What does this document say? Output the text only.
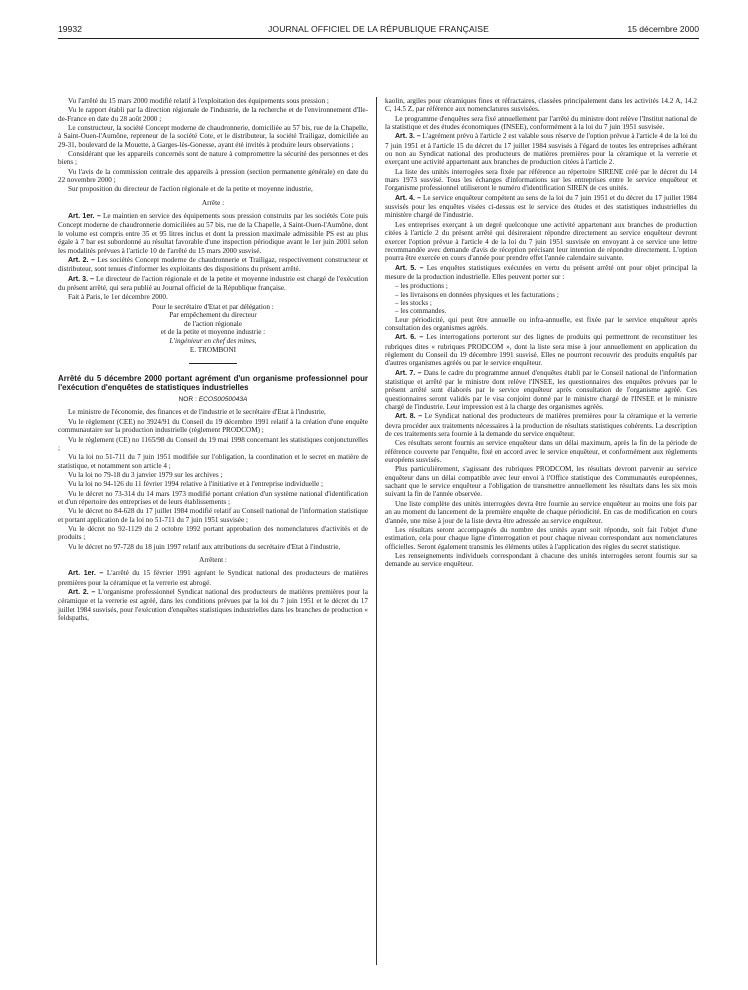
19932	JOURNAL OFFICIEL DE LA RÉPUBLIQUE FRANÇAISE	15 décembre 2000

Vu l'arrêté du 15 mars 2000 modifié relatif à l'exploitation des équipements sous pression ;

Vu le rapport établi par la direction régionale de l'industrie, de la recherche et de l'environnement d'Ile-de-France en date du 28 août 2000 ;

Le constructeur, la société Concept moderne de chaudronnerie, domiciliée au 57 bis, rue de la Chapelle, à Saint-Ouen-l'Aumône, repreneur de la société Cote, et le distributeur, la société Trailigaz, domiciliée au 29-31, boulevard de la Mouette, à Garges-lès-Gonesse, ayant été invités à produire leurs observations ;

Considérant que les appareils concernés sont de nature à compromettre la sécurité des personnes et des biens ;

Vu l'avis de la commission centrale des appareils à pression (section permanente générale) en date du 22 novembre 2000 ;

Sur proposition du directeur de l'action régionale et de la petite et moyenne industrie,

Arrête :

Art. 1er. – Le maintien en service des équipements sous pression construits par les sociétés Cote puis Concept moderne de chaudronnerie domiciliées au 57 bis, rue de la Chapelle, à Saint-Ouen-l'Aumône, dont le volume est compris entre 35 et 95 litres inclus et dont la pression maximale admissible PS est au plus égale à 7 bar est subordonné au résultat favorable d'une inspection périodique avant le 1er juin 2001 selon les modalités prévues à l'article 10 de l'arrêté du 15 mars 2000 susvisé.

Art. 2. – Les sociétés Concept moderne de chaudronnerie et Trailigaz, respectivement constructeur et distributeur, sont tenues d'informer les exploitants des dispositions du présent arrêté.

Art. 3. – Le directeur de l'action régionale et de la petite et moyenne industrie est chargé de l'exécution du présent arrêté, qui sera publié au Journal officiel de la République française.

Fait à Paris, le 1er décembre 2000.

Pour le secrétaire d'Etat et par délégation :
Par empêchement du directeur
de l'action régionale
et de la petite et moyenne industrie :
L'ingénieur en chef des mines,
E. TROMBONI

Arrêté du 5 décembre 2000 portant agrément d'un organisme professionnel pour l'exécution d'enquêtes de statistiques industrielles

NOR : ECOS0050043A

Le ministre de l'économie, des finances et de l'industrie et le secrétaire d'Etat à l'industrie,

Vu le règlement (CEE) no 3924/91 du Conseil du 19 décembre 1991 relatif à la création d'une enquête communautaire sur la production industrielle (règlement PRODCOM) ;

Vu le règlement (CE) no 1165/98 du Conseil du 19 mai 1998 concernant les statistiques conjoncturelles ;

Vu la loi no 51-711 du 7 juin 1951 modifiée sur l'obligation, la coordination et le secret en matière de statistique, et notamment son article 4 ;

Vu la loi no 79-18 du 3 janvier 1979 sur les archives ;

Vu la loi no 94-126 du 11 février 1994 relative à l'initiative et à l'entreprise individuelle ;

Vu le décret no 73-314 du 14 mars 1973 modifié portant création d'un système national d'identification et d'un répertoire des entreprises et de leurs établissements ;

Vu le décret no 84-628 du 17 juillet 1984 modifié relatif au Conseil national de l'information statistique et portant application de la loi no 51-711 du 7 juin 1951 susvisée ;

Vu le décret no 92-1129 du 2 octobre 1992 portant approbation des nomenclatures d'activités et de produits ;

Vu le décret no 97-728 du 18 juin 1997 relatif aux attributions du secrétaire d'Etat à l'industrie,

Arrêtent :

Art. 1er. – L'arrêté du 15 février 1991 agréant le Syndicat national des producteurs de matières premières pour la céramique et la verrerie est abrogé.

Art. 2. – L'organisme professionnel Syndicat national des producteurs de matières premières pour la céramique et la verrerie est agréé, dans les conditions prévues par la loi du 7 juin 1951 et le décret du 17 juillet 1984 susvisés, pour l'exécution d'enquêtes statistiques industrielles dans les branches de production « feldspaths,

kaolin, argiles pour céramiques fines et réfractaires, classées principalement dans les activités 14.2 A, 14.2 C, 14.5 Z, par référence aux nomenclatures susvisées.

Le programme d'enquêtes sera fixé annuellement par l'arrêté du ministre dont relève l'Institut national de la statistique et des études économiques (INSEE), conformément à la loi du 7 juin 1951 susvisée.

Art. 3. – L'agrément prévu à l'article 2 est valable sous réserve de l'option prévue à l'article 4 de la loi du 7 juin 1951 et à l'article 15 du décret du 17 juillet 1984 susvisés à l'égard de toutes les entreprises adhérant ou non au Syndicat national des producteurs de matières premières pour la céramique et la verrerie et exerçant une activité appartenant aux branches de production citées à l'article 2.

La liste des unités interrogées sera fixée par référence au répertoire SIRENE créé par le décret du 14 mars 1973 susvisé. Tous les échanges d'informations sur les entreprises entre le service enquêteur et l'organisme professionnel utiliseront le numéro d'identification SIREN de ces unités.

Art. 4. – Le service enquêteur compétent au sens de la loi du 7 juin 1951 et du décret du 17 juillet 1984 susvisés pour les enquêtes visées ci-dessus est le service des études et des statistiques industrielles du ministère chargé de l'industrie.

Les entreprises exerçant à un degré quelconque une activité appartenant aux branches de production citées à l'article 2 du présent arrêté qui désireraient répondre directement au service enquêteur devront exercer l'option prévue à l'article 4 de la loi du 7 juin 1951 susvisée en envoyant à ce service une lettre recommandée avec demande d'avis de réception précisant leur intention de répondre directement. L'option pourra être exercée en cours d'année pour prendre effet l'année calendaire suivante.

Art. 5. – Les enquêtes statistiques exécutées en vertu du présent arrêté ont pour objet principal la mesure de la production industrielle. Elles peuvent porter sur :

– les productions ;
– les livraisons en données physiques et les facturations ;
– les stocks ;
– les commandes.

Leur périodicité, qui peut être annuelle ou infra-annuelle, est fixée par le service enquêteur après consultation des organismes agréés.

Art. 6. – Les interrogations porteront sur des lignes de produits qui permettront de reconstituer les rubriques dites « rubriques PRODCOM », dont la liste sera mise à jour annuellement en application du règlement du Conseil du 19 décembre 1991 susvisé. Elles ne pourront recouvrir des produits enquêtés par d'autres organismes agréés ou par le service enquêteur.

Art. 7. – Dans le cadre du programme annuel d'enquêtes établi par le Conseil national de l'information statistique et arrêté par le ministre dont relève l'INSEE, les questionnaires des enquêtes prévues par le présent arrêté sont élaborés par le service enquêteur après consultation de l'organisme agréé. Ces questionnaires seront validés par le visa conjoint donné par le ministre chargé de l'INSEE et le ministre chargé de l'industrie. Leur impression est à la charge des organismes agréés.

Art. 8. – Le Syndicat national des producteurs de matières premières pour la céramique et la verrerie devra procéder aux traitements nécessaires à la production de résultats statistiques cohérents. La description de ces traitements sera fournie à la demande du service enquêteur.

Ces résultats seront fournis au service enquêteur dans un délai maximum, après la fin de la période de référence couverte par l'enquête, fixé en accord avec le service enquêteur, et conformément aux règlements européens susvisés.

Plus particulièrement, s'agissant des rubriques PRODCOM, les résultats devront parvenir au service enquêteur dans un délai compatible avec leur envoi à l'Office statistique des Communautés européennes, sachant que le service enquêteur a l'obligation de transmettre annuellement les résultats dans les six mois suivant la fin de l'année observée.

Une liste complète des unités interrogées devra être fournie au service enquêteur au moins une fois par an au moment du lancement de la première enquête de chaque périodicité. En cas de modification en cours d'année, une mise à jour de la liste devra être adressée au service enquêteur.

Les résultats seront accompagnés du nombre des unités ayant soit répondu, soit fait l'objet d'une estimation, cela pour chaque ligne d'interrogation et pour chaque niveau correspondant aux nomenclatures officielles. Seront également transmis les éléments utiles à l'application des règles du secret statistique.

Les renseignements individuels correspondant à chacune des unités interrogées seront fournis sur sa demande au service enquêteur.
